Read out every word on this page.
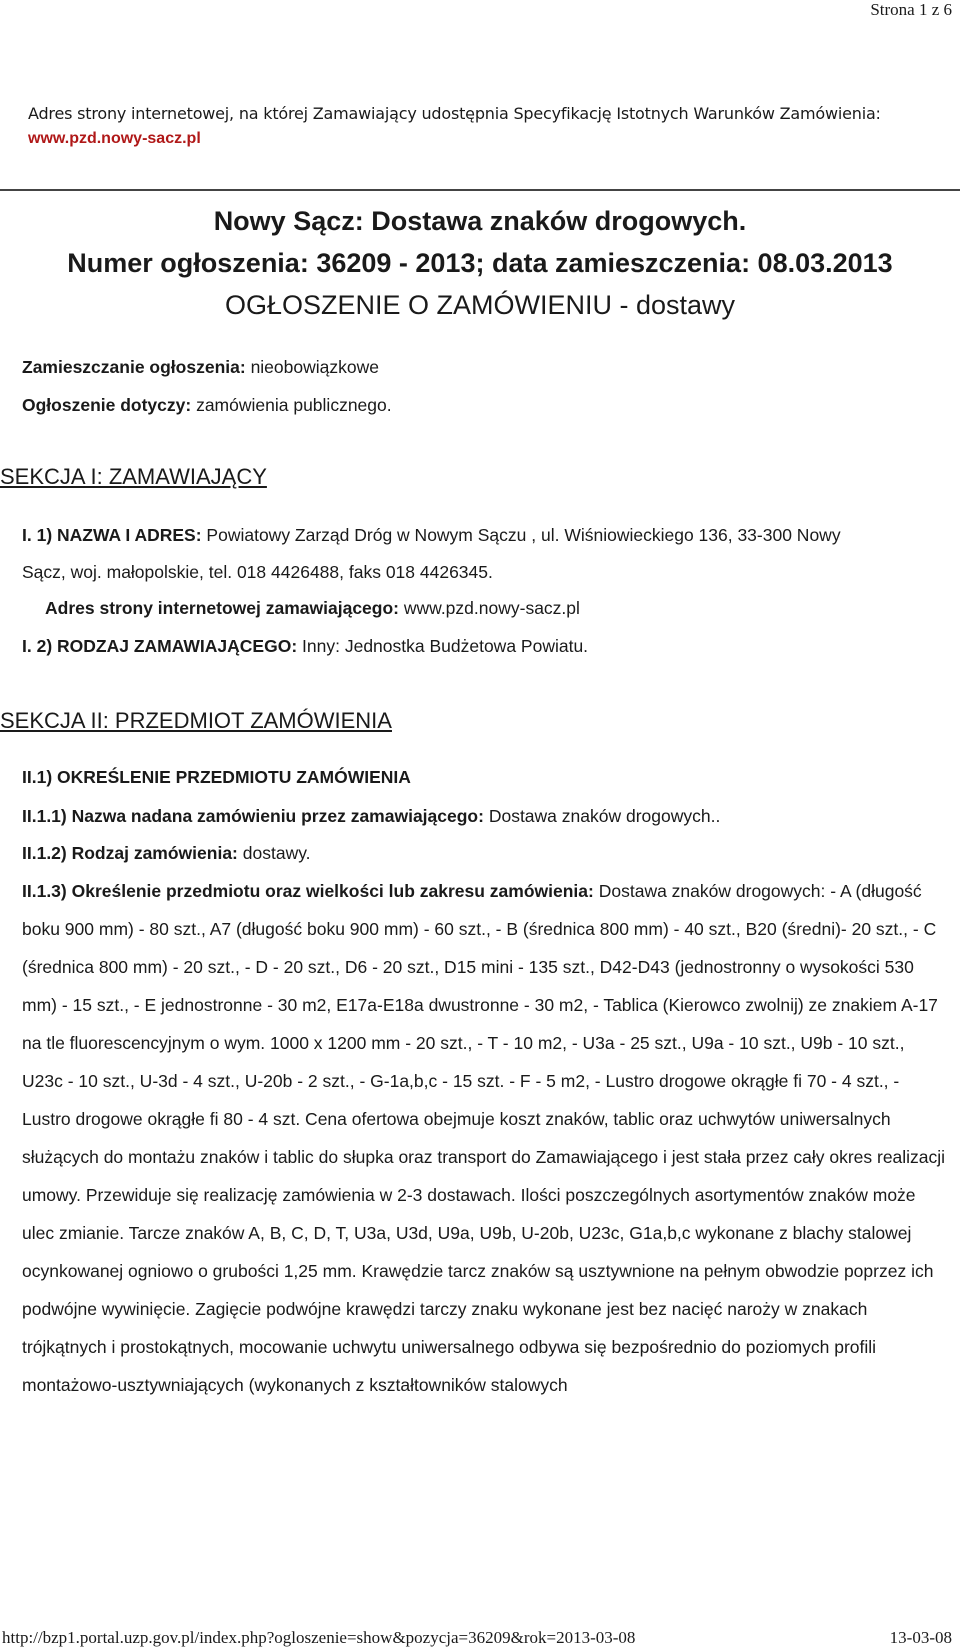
Strona 1 z 6
Adres strony internetowej, na której Zamawiający udostępnia Specyfikację Istotnych Warunków Zamówienia:
www.pzd.nowy-sacz.pl
Nowy Sącz: Dostawa znaków drogowych.
Numer ogłoszenia: 36209 - 2013; data zamieszczenia: 08.03.2013
OGŁOSZENIE O ZAMÓWIENIU - dostawy
Zamieszczanie ogłoszenia: nieobowiązkowe
Ogłoszenie dotyczy: zamówienia publicznego.
SEKCJA I: ZAMAWIAJĄCY
I. 1) NAZWA I ADRES: Powiatowy Zarząd Dróg w Nowym Sączu , ul. Wiśniowieckiego 136, 33-300 Nowy
Sącz, woj. małopolskie, tel. 018 4426488, faks 018 4426345.
Adres strony internetowej zamawiającego: www.pzd.nowy-sacz.pl
I. 2) RODZAJ ZAMAWIAJĄCEGO: Inny: Jednostka Budżetowa Powiatu.
SEKCJA II: PRZEDMIOT ZAMÓWIENIA
II.1) OKREŚLENIE PRZEDMIOTU ZAMÓWIENIA
II.1.1) Nazwa nadana zamówieniu przez zamawiającego: Dostawa znaków drogowych..
II.1.2) Rodzaj zamówienia: dostawy.

II.1.3) Określenie przedmiotu oraz wielkości lub zakresu zamówienia: Dostawa znaków drogowych: - A (długość boku 900 mm) - 80 szt., A7 (długość boku 900 mm) - 60 szt., - B (średnica 800 mm) - 40 szt., B20 (średni)- 20 szt., - C (średnica 800 mm) - 20 szt., - D - 20 szt., D6 - 20 szt., D15 mini - 135 szt., D42-D43 (jednostronny o wysokości 530 mm) - 15 szt., - E jednostronne - 30 m2, E17a-E18a dwustronne - 30 m2, - Tablica (Kierowco zwolnij) ze znakiem A-17 na tle fluorescencyjnym o wym. 1000 x 1200 mm - 20 szt., - T - 10 m2, - U3a - 25 szt., U9a - 10 szt., U9b - 10 szt., U23c - 10 szt., U-3d - 4 szt., U-20b - 2 szt., - G-1a,b,c - 15 szt. - F - 5 m2, - Lustro drogowe okrągłe fi 70 - 4 szt., - Lustro drogowe okrągłe fi 80 - 4 szt. Cena ofertowa obejmuje koszt znaków, tablic oraz uchwytów uniwersalnych służących do montażu znaków i tablic do słupka oraz transport do Zamawiającego i jest stała przez cały okres realizacji umowy. Przewiduje się realizację zamówienia w 2-3 dostawach. Ilości poszczególnych asortymentów znaków może ulec zmianie. Tarcze znaków A, B, C, D, T, U3a, U3d, U9a, U9b, U-20b, U23c, G1a,b,c wykonane z blachy stalowej ocynkowanej ogniowo o grubości 1,25 mm. Krawędzie tarcz znaków są usztywnione na pełnym obwodzie poprzez ich podwójne wywinięcie. Zagięcie podwójne krawędzi tarczy znaku wykonane jest bez nacięć naroży w znakach trójkątnych i prostokątnych, mocowanie uchwytu uniwersalnego odbywa się bezpośrednio do poziomych profili montażowo-usztywniających (wykonanych z kształtowników stalowych

http://bzp1.portal.uzp.gov.pl/index.php?ogloszenie=show&pozycja=36209&rok=2013-03-08	13-03-08
